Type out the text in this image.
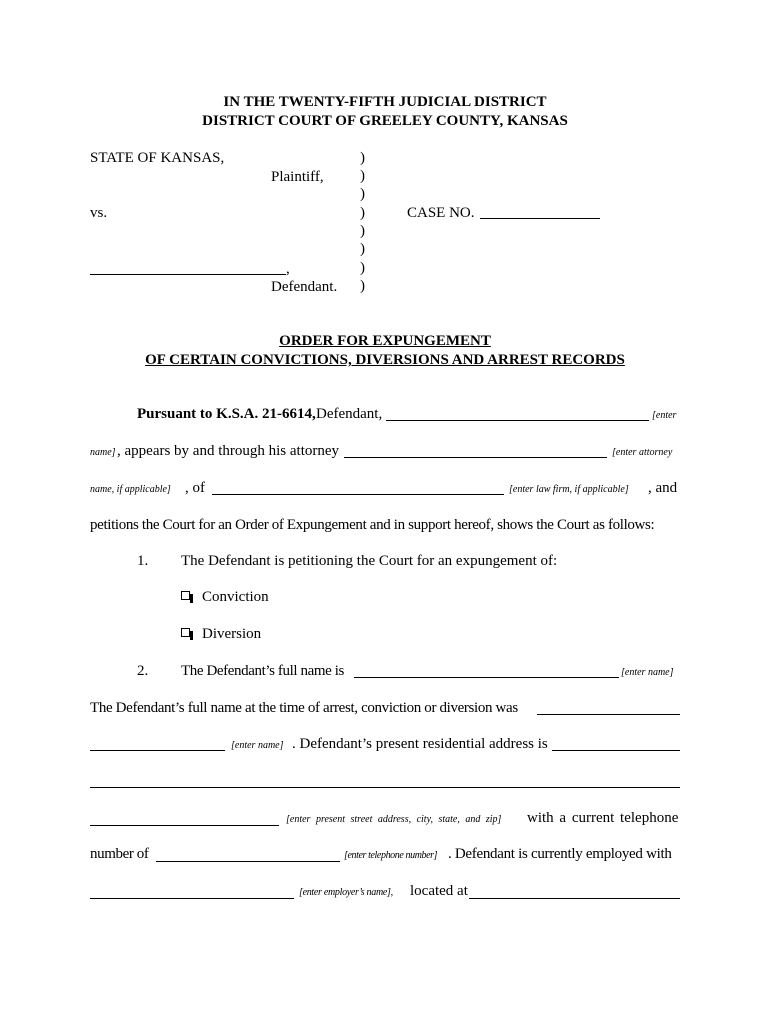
IN THE TWENTY-FIFTH JUDICIAL DISTRICT
DISTRICT COURT OF GREELEY COUNTY, KANSAS
STATE OF KANSAS,
Plaintiff,
vs.
,
Defendant.
)
)
)
)
)
)
)
)
CASE NO.
ORDER FOR EXPUNGEMENT
OF CERTAIN CONVICTIONS, DIVERSIONS AND ARREST RECORDS
Pursuant to K.S.A. 21-6614, Defendant,	[enter
name] , appears by and through his attorney	[enter attorney
name, if applicable] , of	[enter law firm, if applicable] , and
petitions the Court for an Order of Expungement and in support hereof, shows the Court as follows:
1. The Defendant is petitioning the Court for an expungement of:
Conviction
Diversion
2. The Defendant’s full name is	[enter name]
The Defendant’s full name at the time of arrest, conviction or diversion was
[enter name] . Defendant’s present residential address is
[enter present street address, city, state, and zip] with a current telephone
number of	[enter telephone number] . Defendant is currently employed with
[enter employer’s name], located at
